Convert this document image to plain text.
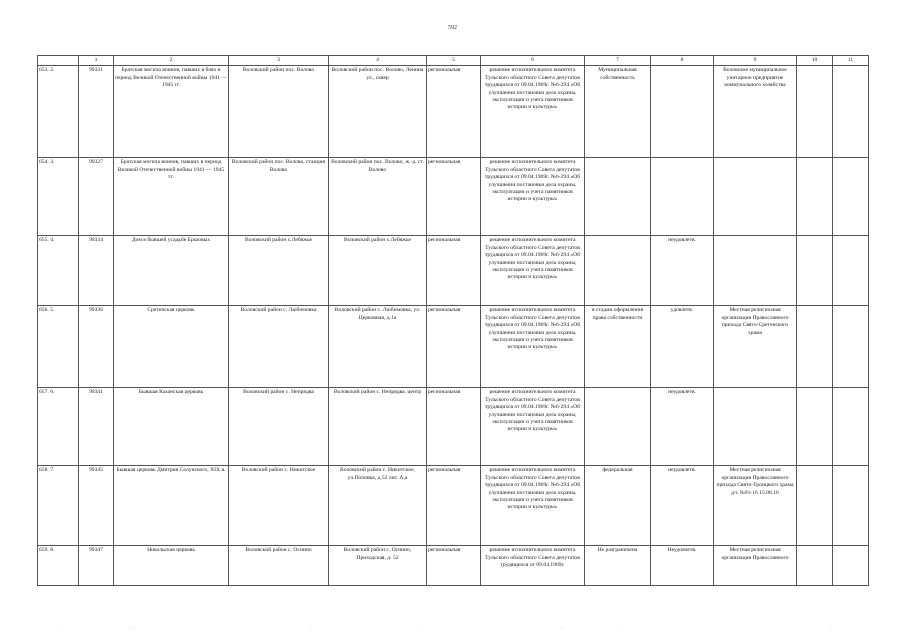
592
	1	2	3	4	5	6	7	8	9	10	11
653. 2.	99331	Братская могила воинов, павших в боях в период Великой Отечественной войны 1941 — 1945 гг.	Воловский район пос. Волово	Воловский район пос. Волово, Ленина ул., сквер	региональная	решение исполнительного комитета Тульского областного Совета депутатов трудящихся от 09.04.1969г. №6-294 «Об улучшении постановки дела охраны, эксплуатации и учета памятников истории и культуры»	Муниципальная собственность		Воловское муниципальное унитарное предприятие коммунального хозяйства		
654. 3.	99327	Братская могила воинов, павших в период Великой Отечественной войны 1941 — 1945 гг.	Воловский район пос. Волово, станция Волово	Воловский район пос. Волово, ж.-д. ст. Волово	региональная	решение исполнительного комитета Тульского областного Совета депутатов трудящихся от 09.04.1969г. №6-294 «Об улучшении постановки дела охраны, эксплуатации и учета памятников истории и культуры»					
655. 4.	99334	Дом в бывшей усадьбе Ершовых	Воловский район с.Лебяжье	Воловский район с.Лебяжье	региональная	решение исполнительного комитета Тульского областного Совета депутатов трудящихся от 09.04.1969г. №6-294 «Об улучшении постановки дела охраны, эксплуатации и учета памятников истории и культуры»		неудовлетв.			
656. 5.	99336	Сретенская церковь	Воловский район с. Любимовка	Воловский район с. Любимовка, ул. Церковная, д.1а	региональная	решение исполнительного комитета Тульского областного Совета депутатов трудящихся от 09.04.1969г. №6-294 «Об улучшении постановки дела охраны, эксплуатации и учета памятников истории и культуры»	в стадии оформления права собственности	удовлетв.	Местная религиозная организация Православного прихода Свято-Сретенского храма		
657. 6.	99341	Бывшая Казанская церковь	Воловский район с. Непрядва	Воловский район с. Непрядва, центр	региональная	решение исполнительного комитета Тульского областного Совета депутатов трудящихся от 09.04.1969г. №6-294 «Об улучшении постановки дела охраны, эксплуатации и учета памятников истории и культуры»		неудовлетв.			
658. 7.	99345	Бывшая церковь Дмитрия Солунского, XIX в.	Воловский район с. Никитское	Воловский район с. Никитское, ул.Поповка, д.52 лит. А,а	региональная	решение исполнительного комитета Тульского областного Совета депутатов трудящихся от 09.04.1969г. №6-294 «Об улучшении постановки дела охраны, эксплуатации и учета памятников истории и культуры»	федеральная	неудовлетв.	Местная религиозная организация Православного прихода Свято-Троицкого храма д/с №91-16 15.08.16		
659. 8.	99347	Никольская церковь	Воловский район с. Оснино	Воловский район с. Оснино, Приходская, д. 52	региональная	решение исполнительного комитета Тульского областного Совета депутатов трудящихся от 09.04.1969г.	Не разграничена	Неудовлетв.	Местная религиозная организация Православного		
·	· ·	·	·	·	·	·
